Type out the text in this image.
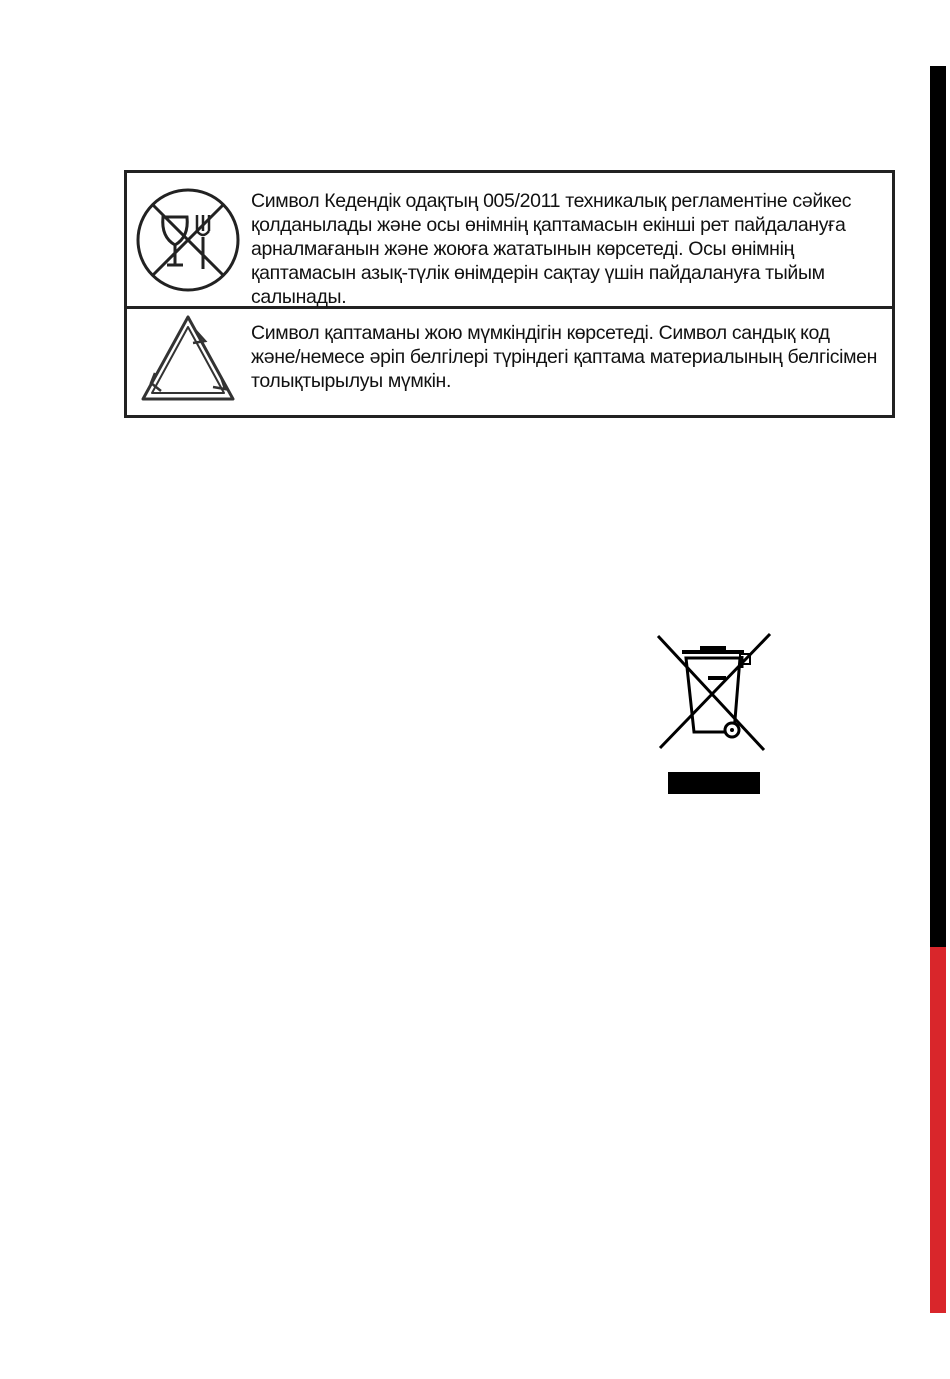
Символ Кедендік одақтың 005/2011 техникалық регламентіне сәйкес қолданылады және осы өнімнің қаптамасын екінші рет пайдалануға арналмағанын және жоюға жататынын көрсетеді. Осы өнімнің қаптамасын азық-түлік өнімдерін сақтау үшін пайдалануға тыйым салынады.
Символ қаптаманы жою мүмкіндігін көрсетеді. Символ сандық код және/немесе әріп белгілері түріндегі қаптама материалының белгісімен толықтырылуы мүмкін.
